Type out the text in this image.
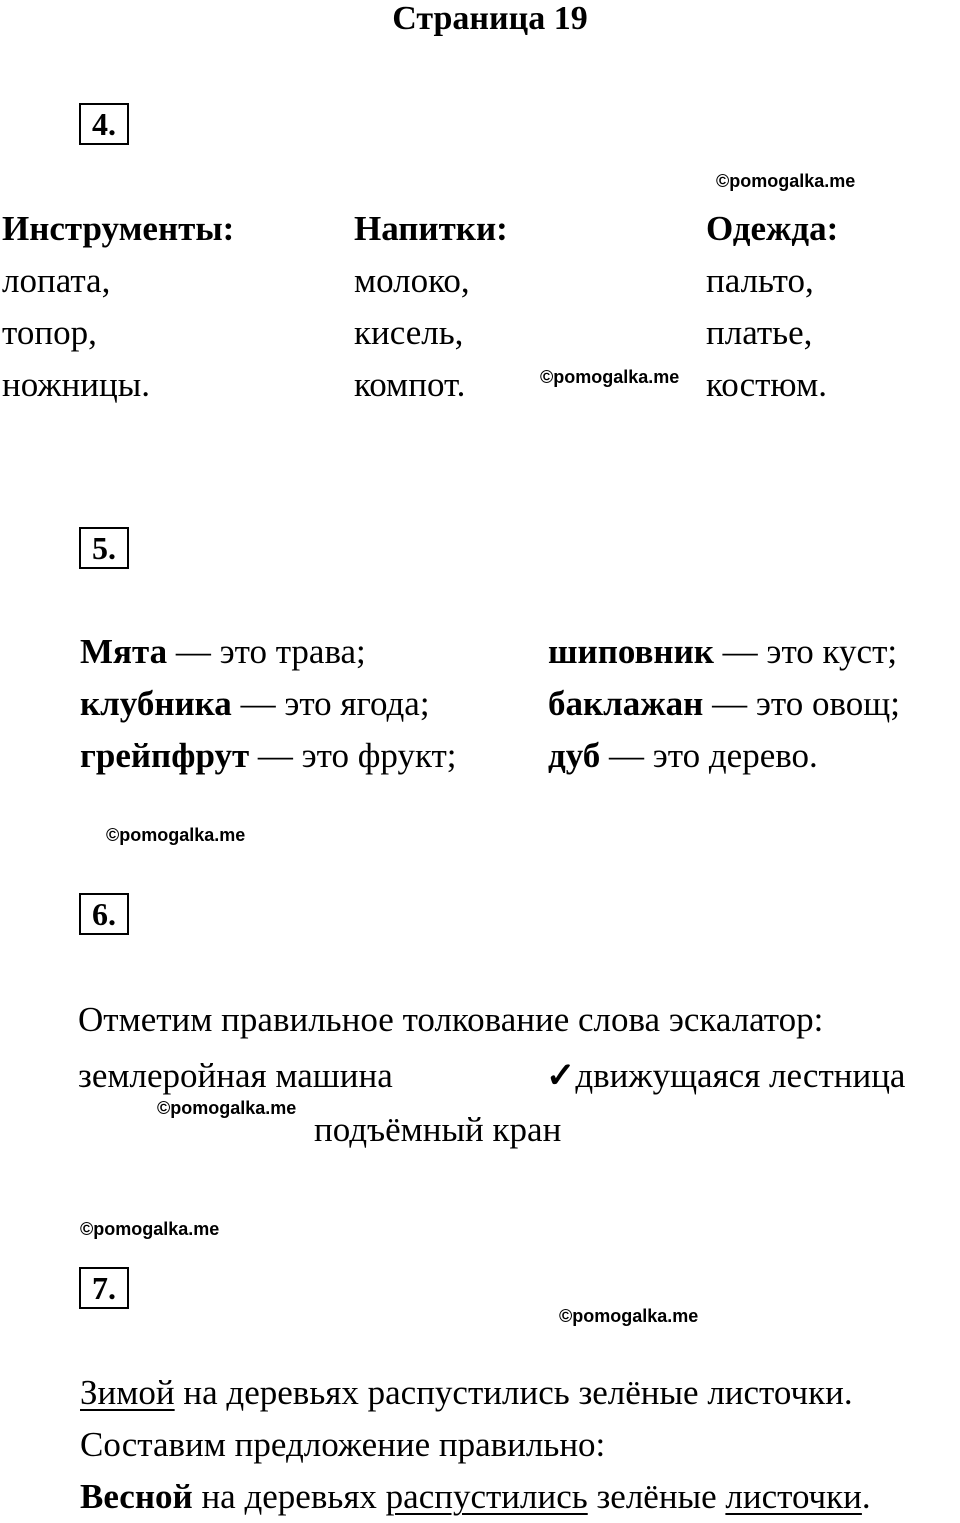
Страница 19
4.
©pomogalka.me
Инструменты:
лопата,
топор,
ножницы.
Напитки:
молоко,
кисель,
компот.
Одежда:
пальто,
платье,
костюм.
©pomogalka.me
5.
Мята — это трава;
клубника — это ягода;
грейпфрут — это фрукт;
шиповник — это куст;
баклажан — это овощ;
дуб — это дерево.
©pomogalka.me
6.
Отметим правильное толкование слова эскалатор:
землеройная машина	✓движущаяся лестница
©pomogalka.me
подъёмный кран
©pomogalka.me
7.
©pomogalka.me
Зимой на деревьях распустились зелёные листочки.
Составим предложение правильно:
Весной на деревьях распустились зелёные листочки.
